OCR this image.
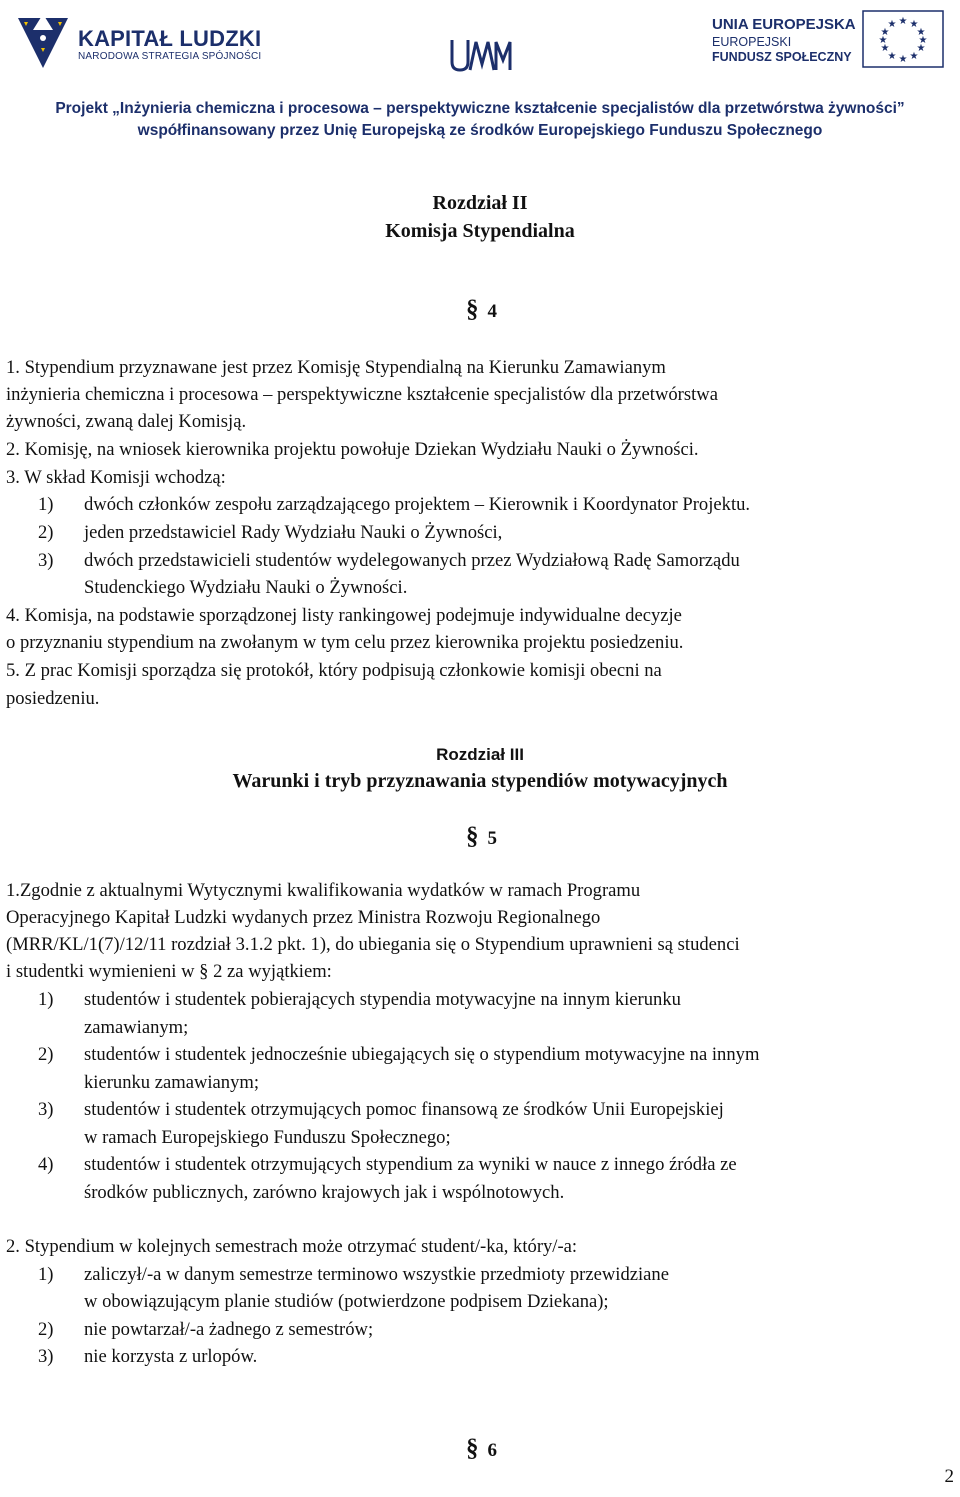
KAPITAŁ LUDZKI
NARODOWA STRATEGIA SPÓJNOŚCI
UNIA EUROPEJSKA
EUROPEJSKI
FUNDUSZ SPOŁECZNY
★ ★
★
★
★
★
★
★
★
★
★
★
Projekt „Inżynieria chemiczna i procesowa – perspektywiczne kształcenie specjalistów dla przetwórstwa żywności”
współfinansowany przez Unię Europejską ze środków Europejskiego Funduszu Społecznego
Rozdział II
Komisja Stypendialna
§ 4
1. Stypendium przyznawane jest przez Komisję Stypendialną na Kierunku Zamawianym
inżynieria chemiczna i procesowa – perspektywiczne kształcenie specjalistów dla przetwórstwa
żywności, zwaną dalej Komisją.
2. Komisję, na wniosek kierownika projektu powołuje Dziekan Wydziału Nauki o Żywności.
3. W skład Komisji wchodzą:
1) dwóch członków zespołu zarządzającego projektem – Kierownik i Koordynator Projektu.
2) jeden przedstawiciel Rady Wydziału Nauki o Żywności,
3) dwóch przedstawicieli studentów wydelegowanych przez Wydziałową Radę Samorządu
Studenckiego Wydziału Nauki o Żywności.
4. Komisja, na podstawie sporządzonej listy rankingowej podejmuje indywidualne decyzje
o przyznaniu stypendium na zwołanym w tym celu przez kierownika projektu posiedzeniu.
5. Z prac Komisji sporządza się protokół, który podpisują członkowie komisji obecni na
posiedzeniu.
Rozdział III
Warunki i tryb przyznawania stypendiów motywacyjnych
§ 5
1.Zgodnie z aktualnymi Wytycznymi kwalifikowania wydatków w ramach Programu
Operacyjnego Kapitał Ludzki wydanych przez Ministra Rozwoju Regionalnego
(MRR/KL/1(7)/12/11 rozdział 3.1.2 pkt. 1), do ubiegania się o Stypendium uprawnieni są studenci
i studentki wymienieni w § 2 za wyjątkiem:
1) studentów i studentek pobierających stypendia motywacyjne na innym kierunku
zamawianym;
2) studentów i studentek jednocześnie ubiegających się o stypendium motywacyjne na innym
kierunku zamawianym;
3) studentów i studentek otrzymujących pomoc finansową ze środków Unii Europejskiej
w ramach Europejskiego Funduszu Społecznego;
4) studentów i studentek otrzymujących stypendium za wyniki w nauce z innego źródła ze
środków publicznych, zarówno krajowych jak i wspólnotowych.
2. Stypendium w kolejnych semestrach może otrzymać student/-ka, który/-a:
1) zaliczył/-a w danym semestrze terminowo wszystkie przedmioty przewidziane
w obowiązującym planie studiów (potwierdzone podpisem Dziekana);
2) nie powtarzał/-a żadnego z semestrów;
3) nie korzysta z urlopów.
§ 6
2
